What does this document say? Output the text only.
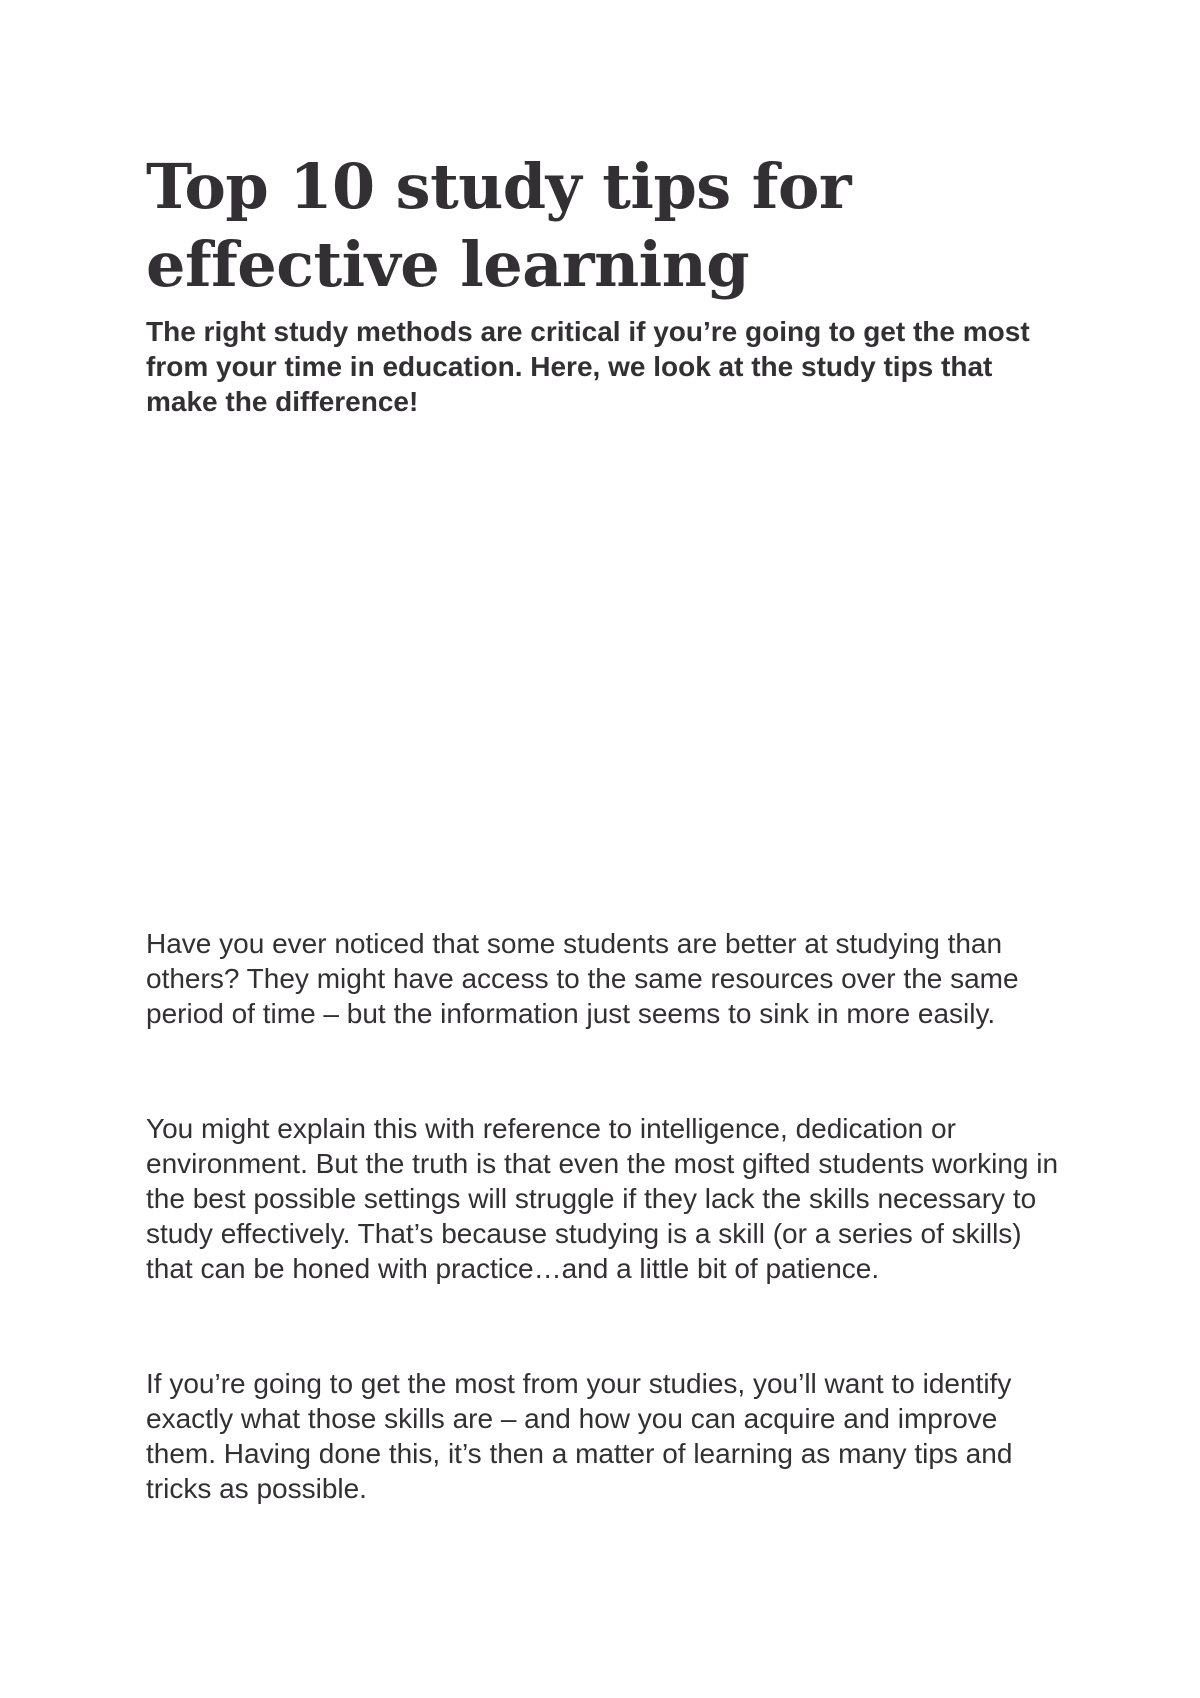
Top 10 study tips for effective learning

The right study methods are critical if you’re going to get the most from your time in education. Here, we look at the study tips that make the difference!

Have you ever noticed that some students are better at studying than others? They might have access to the same resources over the same period of time – but the information just seems to sink in more easily.

You might explain this with reference to intelligence, dedication or environment. But the truth is that even the most gifted students working in the best possible settings will struggle if they lack the skills necessary to study effectively. That’s because studying is a skill (or a series of skills) that can be honed with practice…and a little bit of patience.

If you’re going to get the most from your studies, you’ll want to identify exactly what those skills are – and how you can acquire and improve them. Having done this, it’s then a matter of learning as many tips and tricks as possible.
